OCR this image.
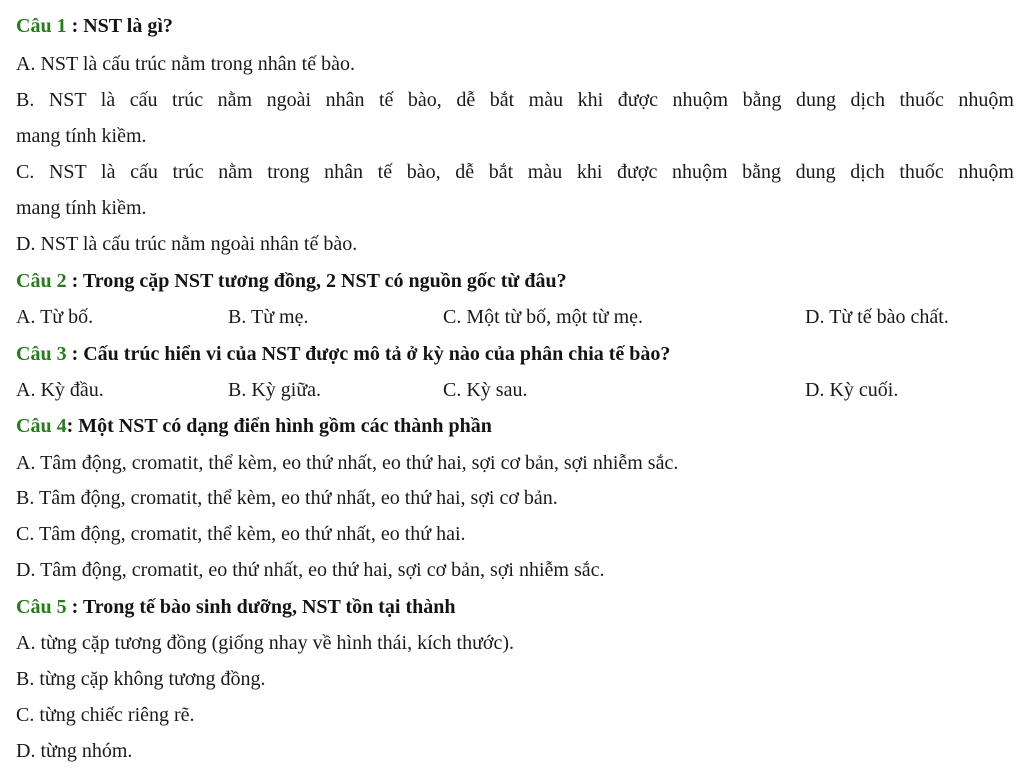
Câu 1 : NST là gì?
A. NST là cấu trúc nằm trong nhân tế bào.
B. NST là cấu trúc nằm ngoài nhân tế bào, dễ bắt màu khi được nhuộm bằng dung dịch thuốc nhuộm
mang tính kiềm.
C. NST là cấu trúc nằm trong nhân tế bào, dễ bắt màu khi được nhuộm bằng dung dịch thuốc nhuộm
mang tính kiềm.
D. NST là cấu trúc nằm ngoài nhân tế bào.
Câu 2 : Trong cặp NST tương đồng, 2 NST có nguồn gốc từ đâu?
A. Từ bố.	B. Từ mẹ.	C. Một từ bố, một từ mẹ.	D. Từ tế bào chất.
Câu 3 : Cấu trúc hiển vi của NST được mô tả ở kỳ nào của phân chia tế bào?
A. Kỳ đầu.	B. Kỳ giữa.	C. Kỳ sau.	D. Kỳ cuối.
Câu 4: Một NST có dạng điển hình gồm các thành phần
A. Tâm động, cromatit, thể kèm, eo thứ nhất, eo thứ hai, sợi cơ bản, sợi nhiễm sắc.
B. Tâm động, cromatit, thể kèm, eo thứ nhất, eo thứ hai, sợi cơ bản.
C. Tâm động, cromatit, thể kèm, eo thứ nhất, eo thứ hai.
D. Tâm động, cromatit, eo thứ nhất, eo thứ hai, sợi cơ bản, sợi nhiễm sắc.
Câu 5 : Trong tế bào sinh dưỡng, NST tồn tại thành
A. từng cặp tương đồng (giống nhay về hình thái, kích thước).
B. từng cặp không tương đồng.
C. từng chiếc riêng rẽ.
D. từng nhóm.
